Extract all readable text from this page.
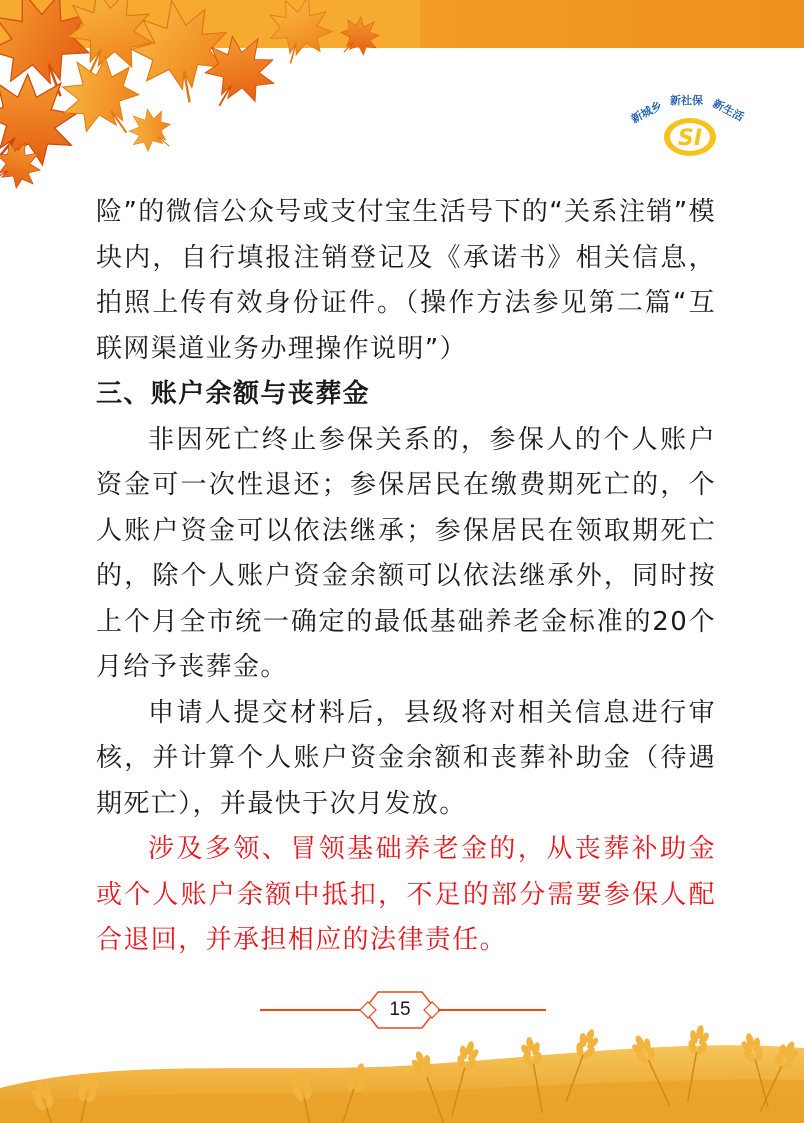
新城乡 新社保 新生活
SI

险”的微信公众号或支付宝生活号下的“关系注销”模块内，自行填报注销登记及《承诺书》相关信息，拍照上传有效身份证件。（操作方法参见第二篇“互联网渠道业务办理操作说明”）

三、账户余额与丧葬金

非因死亡终止参保关系的，参保人的个人账户资金可一次性退还；参保居民在缴费期死亡的，个人账户资金可以依法继承；参保居民在领取期死亡的，除个人账户资金余额可以依法继承外，同时按上个月全市统一确定的最低基础养老金标准的20个月给予丧葬金。

申请人提交材料后，县级将对相关信息进行审核，并计算个人账户资金余额和丧葬补助金（待遇期死亡），并最快于次月发放。

涉及多领、冒领基础养老金的，从丧葬补助金或个人账户余额中抵扣，不足的部分需要参保人配合退回，并承担相应的法律责任。

15
